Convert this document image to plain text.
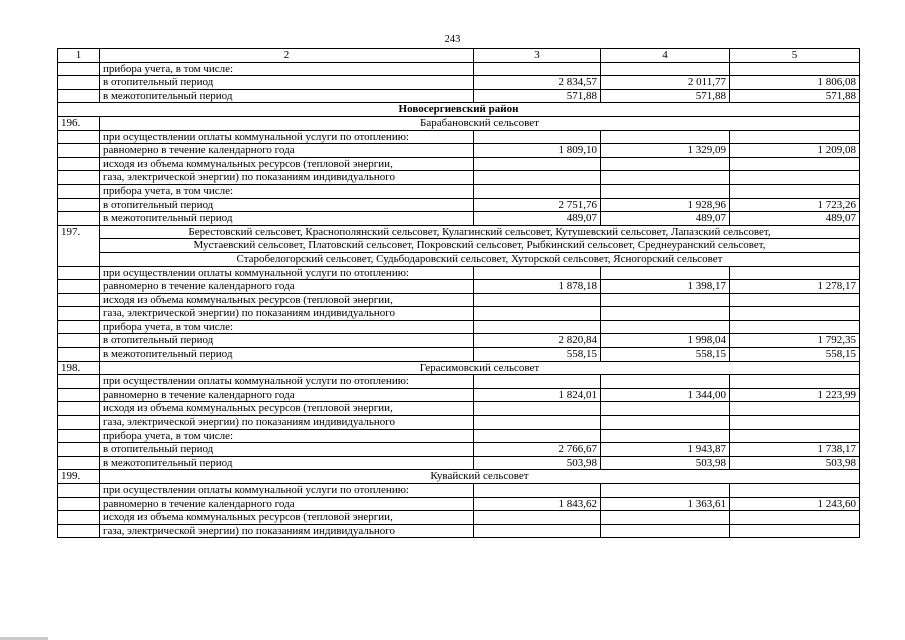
243
1	2	3	4	5
	прибора учета, в том числе:			
	в отопительный период	2 834,57	2 011,77	1 806,08
	в межотопительный период	571,88	571,88	571,88
Новосергиевский район				
196.	Барабановский сельсовет			
	при осуществлении оплаты коммунальной услуги по отоплению:			
	равномерно в течение календарного года	1 809,10	1 329,09	1 209,08
	исходя из объема коммунальных ресурсов (тепловой энергии,			
	газа, электрической энергии) по показаниям индивидуального			
	прибора учета, в том числе:			
	в отопительный период	2 751,76	1 928,96	1 723,26
	в межотопительный период	489,07	489,07	489,07
197.	Берестовский сельсовет, Краснополянский сельсовет, Кулагинский сельсовет, Кутушевский сельсовет, Лапазский сельсовет,			
	Мустаевский сельсовет, Платовский сельсовет, Покровский сельсовет, Рыбкинский сельсовет, Среднеуранский сельсовет,			
	Старобелогорский сельсовет, Судьбодаровский сельсовет, Хуторской сельсовет, Ясногорский сельсовет			
	при осуществлении оплаты коммунальной услуги по отоплению:			
	равномерно в течение календарного года	1 878,18	1 398,17	1 278,17
	исходя из объема коммунальных ресурсов (тепловой энергии,			
	газа, электрической энергии) по показаниям индивидуального			
	прибора учета, в том числе:			
	в отопительный период	2 820,84	1 998,04	1 792,35
	в межотопительный период	558,15	558,15	558,15
198.	Герасимовский сельсовет			
	при осуществлении оплаты коммунальной услуги по отоплению:			
	равномерно в течение календарного года	1 824,01	1 344,00	1 223,99
	исходя из объема коммунальных ресурсов (тепловой энергии,			
	газа, электрической энергии) по показаниям индивидуального			
	прибора учета, в том числе:			
	в отопительный период	2 766,67	1 943,87	1 738,17
	в межотопительный период	503,98	503,98	503,98
199.	Кувайский сельсовет			
	при осуществлении оплаты коммунальной услуги по отоплению:			
	равномерно в течение календарного года	1 843,62	1 363,61	1 243,60
	исходя из объема коммунальных ресурсов (тепловой энергии,			
	газа, электрической энергии) по показаниям индивидуального			
